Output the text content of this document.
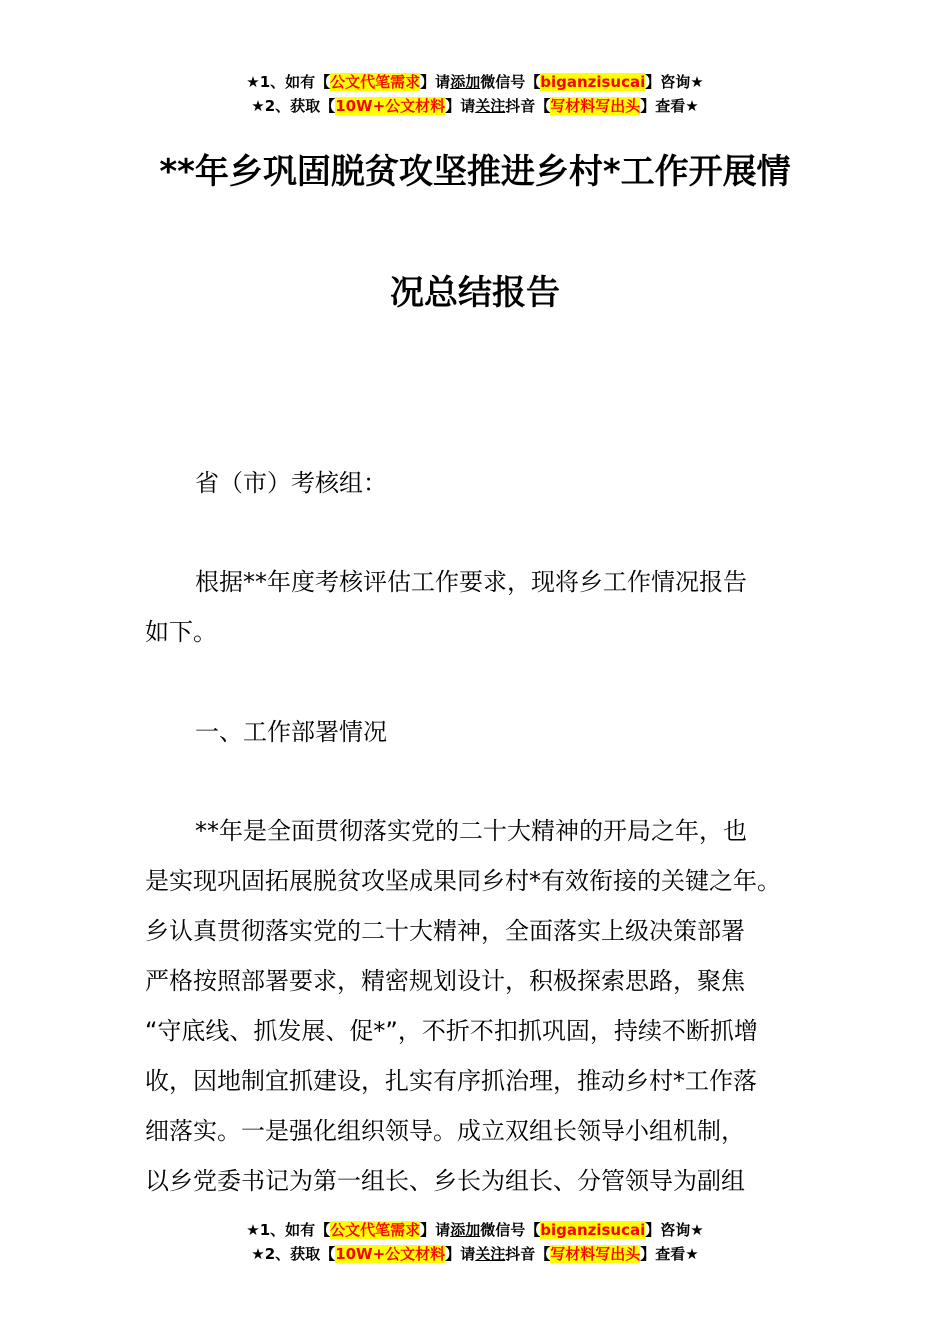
★1、如有【公文代笔需求】请添加微信号【biganzisucai】咨询★
★2、获取【10W+公文材料】请关注抖音【写材料写出头】查看★
**年乡巩固脱贫攻坚推进乡村*工作开展情
况总结报告

省（市）考核组：

根据**年度考核评估工作要求，现将乡工作情况报告
如下。

一、工作部署情况

**年是全面贯彻落实党的二十大精神的开局之年，也
是实现巩固拓展脱贫攻坚成果同乡村*有效衔接的关键之年。
乡认真贯彻落实党的二十大精神，全面落实上级决策部署
严格按照部署要求，精密规划设计，积极探索思路，聚焦
“守底线、抓发展、促*”，不折不扣抓巩固，持续不断抓增
收，因地制宜抓建设，扎实有序抓治理，推动乡村*工作落
细落实。一是强化组织领导。成立双组长领导小组机制，
以乡党委书记为第一组长、乡长为组长、分管领导为副组
★1、如有【公文代笔需求】请添加微信号【biganzisucai】咨询★
★2、获取【10W+公文材料】请关注抖音【写材料写出头】查看★
